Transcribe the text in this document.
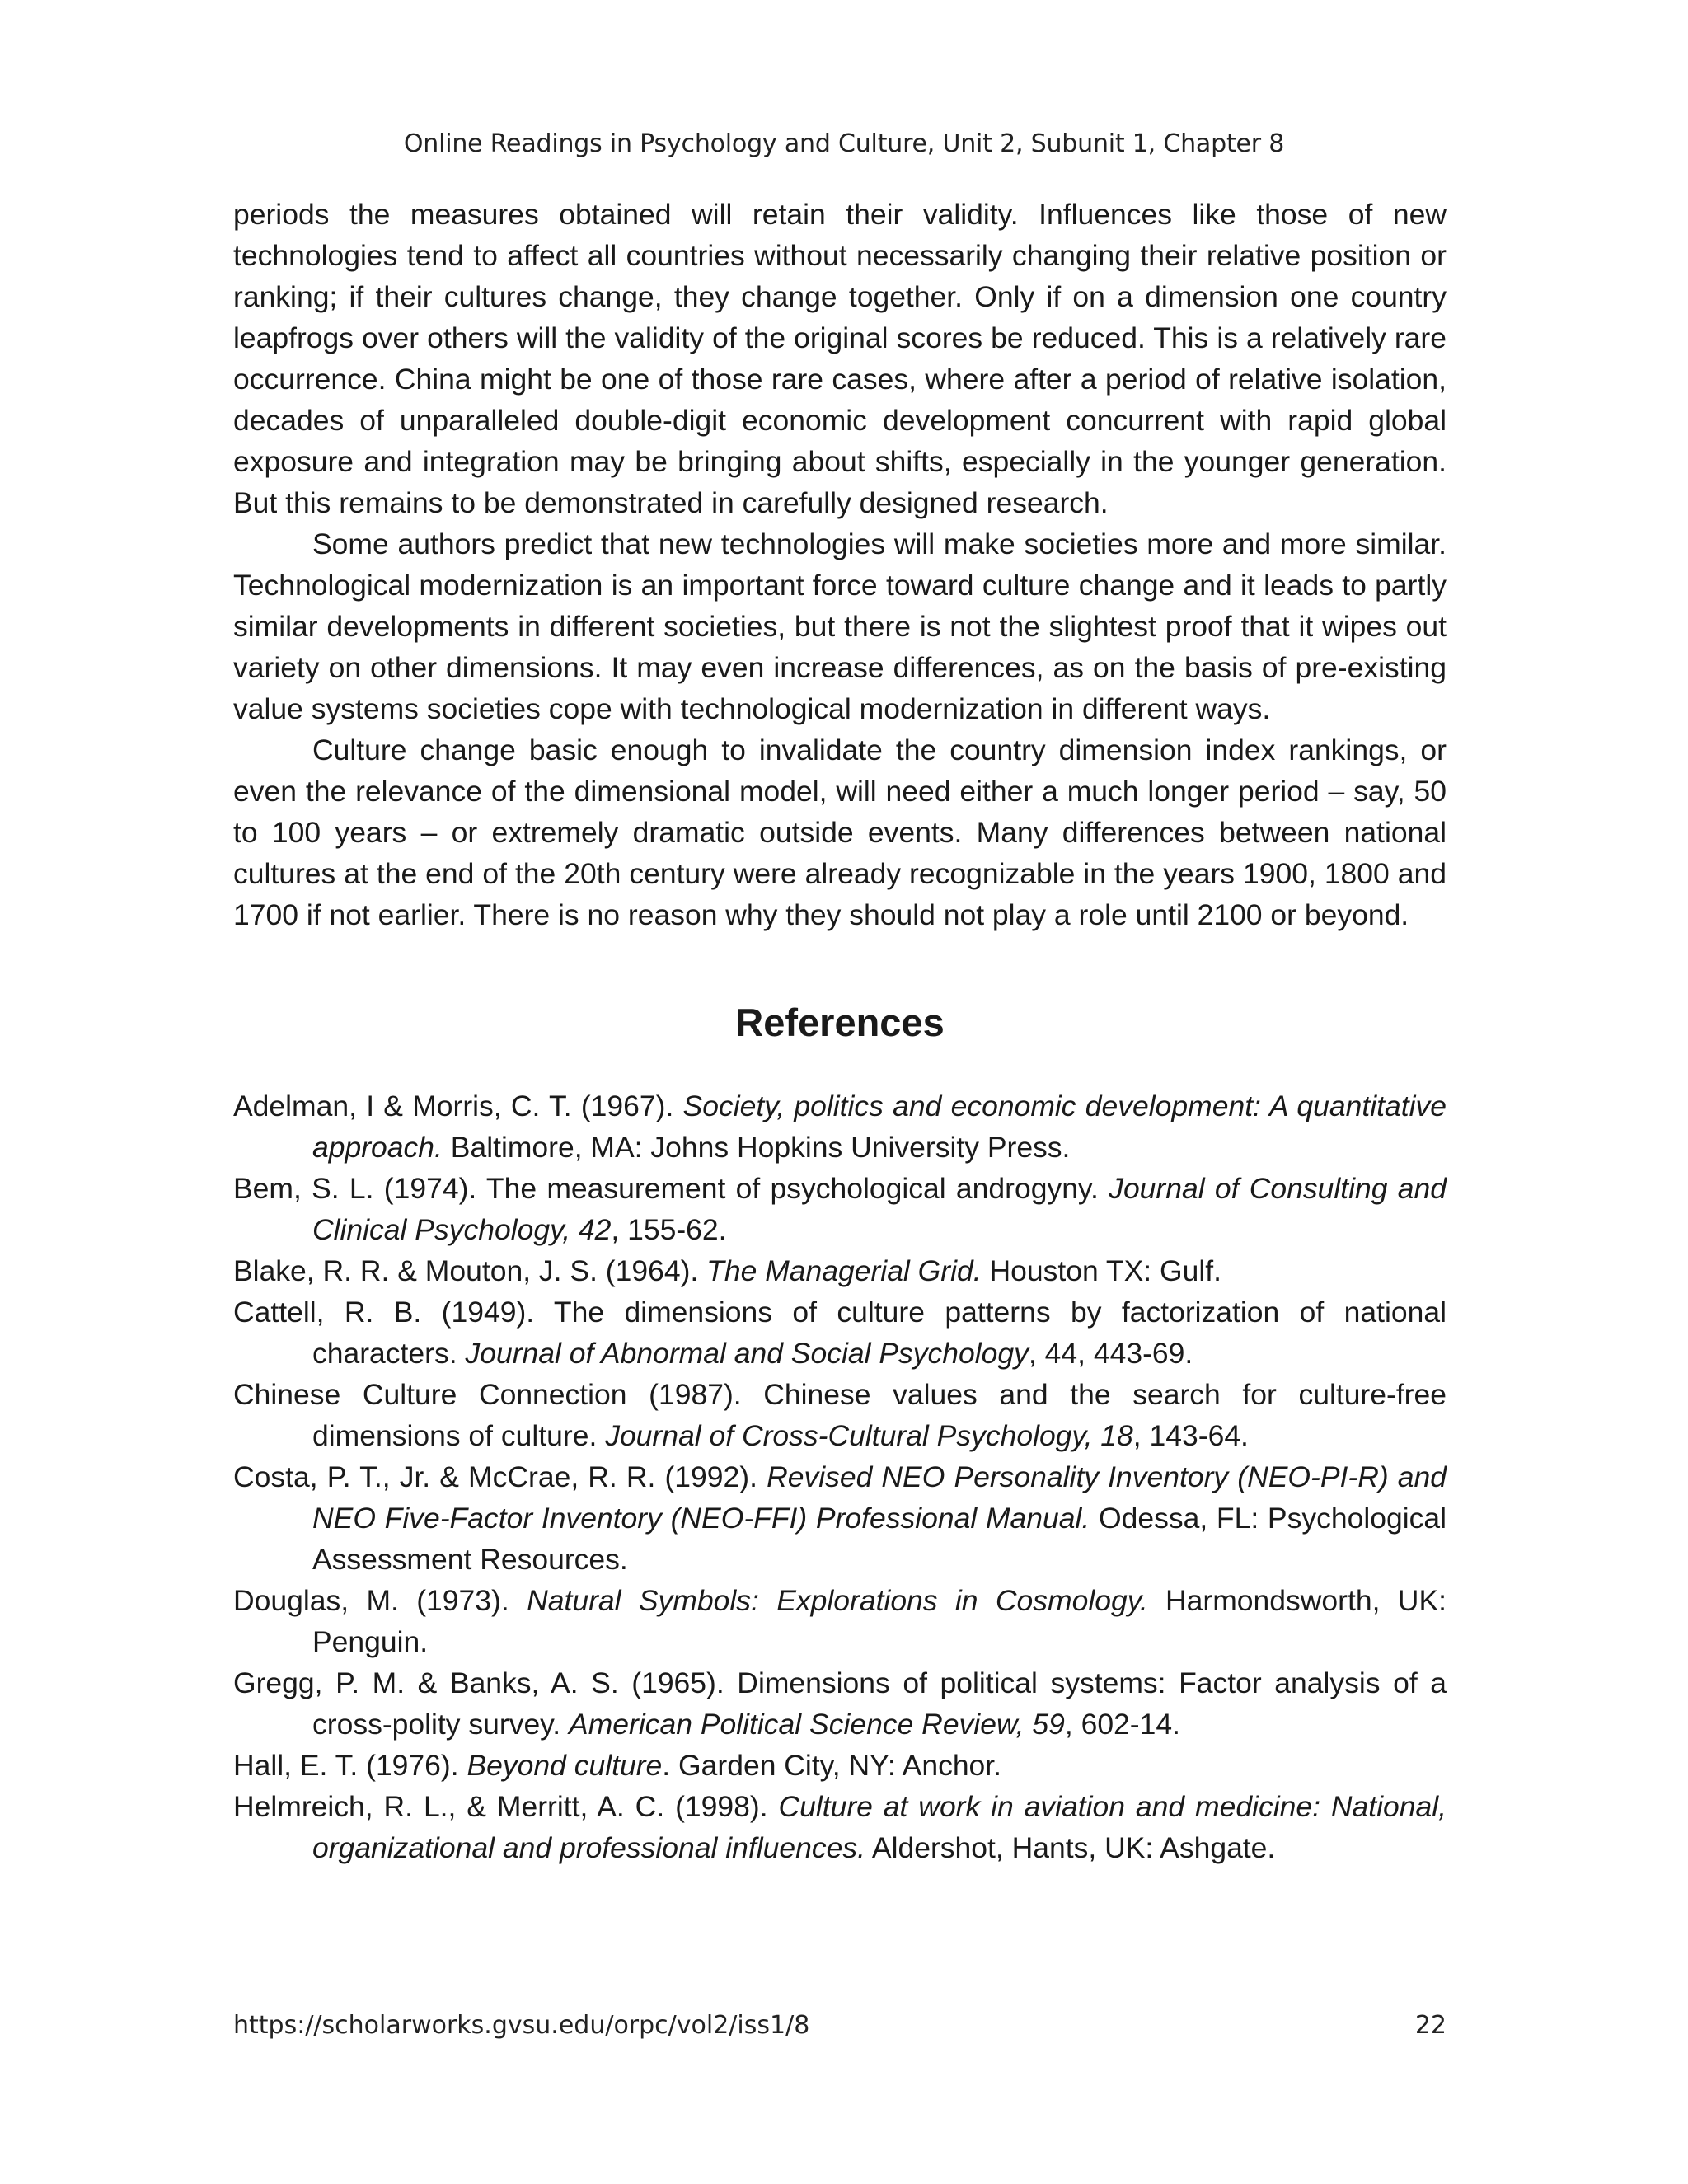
Online Readings in Psychology and Culture, Unit 2, Subunit 1, Chapter 8

periods the measures obtained will retain their validity. Influences like those of new technologies tend to affect all countries without necessarily changing their relative position or ranking; if their cultures change, they change together. Only if on a dimension one country leapfrogs over others will the validity of the original scores be reduced. This is a relatively rare occurrence. China might be one of those rare cases, where after a period of relative isolation, decades of unparalleled double-digit economic development concurrent with rapid global exposure and integration may be bringing about shifts, especially in the younger generation. But this remains to be demonstrated in carefully designed research.

Some authors predict that new technologies will make societies more and more similar. Technological modernization is an important force toward culture change and it leads to partly similar developments in different societies, but there is not the slightest proof that it wipes out variety on other dimensions. It may even increase differences, as on the basis of pre-existing value systems societies cope with technological modernization in different ways.

Culture change basic enough to invalidate the country dimension index rankings, or even the relevance of the dimensional model, will need either a much longer period – say, 50 to 100 years – or extremely dramatic outside events. Many differences between national cultures at the end of the 20th century were already recognizable in the years 1900, 1800 and 1700 if not earlier. There is no reason why they should not play a role until 2100 or beyond.

References

Adelman, I & Morris, C. T. (1967). Society, politics and economic development: A quantitative approach. Baltimore, MA: Johns Hopkins University Press.

Bem, S. L. (1974). The measurement of psychological androgyny. Journal of Consulting and Clinical Psychology, 42, 155-62.

Blake, R. R. & Mouton, J. S. (1964). The Managerial Grid. Houston TX: Gulf.

Cattell, R. B. (1949). The dimensions of culture patterns by factorization of national characters. Journal of Abnormal and Social Psychology, 44, 443-69.

Chinese Culture Connection (1987). Chinese values and the search for culture-free dimensions of culture. Journal of Cross-Cultural Psychology, 18, 143-64.

Costa, P. T., Jr. & McCrae, R. R. (1992). Revised NEO Personality Inventory (NEO-PI-R) and NEO Five-Factor Inventory (NEO-FFI) Professional Manual. Odessa, FL: Psychological Assessment Resources.

Douglas, M. (1973). Natural Symbols: Explorations in Cosmology. Harmondsworth, UK: Penguin.

Gregg, P. M. & Banks, A. S. (1965). Dimensions of political systems: Factor analysis of a cross-polity survey. American Political Science Review, 59, 602-14.

Hall, E. T. (1976). Beyond culture. Garden City, NY: Anchor.

Helmreich, R. L., & Merritt, A. C. (1998). Culture at work in aviation and medicine: National, organizational and professional influences. Aldershot, Hants, UK: Ashgate.

https://scholarworks.gvsu.edu/orpc/vol2/iss1/8	22
